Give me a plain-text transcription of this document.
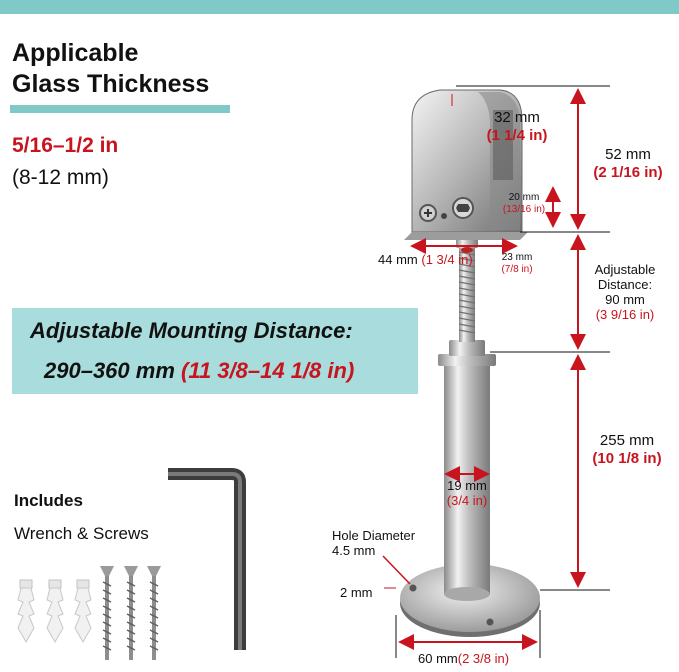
Applicable
Glass Thickness
5/16–1/2 in
(8-12 mm)
Adjustable Mounting Distance:
290–360 mm (11 3/8–14 1/8 in)
Includes
Wrench & Screws
32 mm
(1 1/4 in)
52 mm
(2 1/16 in)
20 mm
(13/16 in)
44 mm (1 3/4 in)	23 mm
(7/8 in)	Adjustable
Distance:
90 mm
(3 9/16 in)
255 mm
(10 1/8 in)
19 mm
(3/4 in)
Hole Diameter
4.5 mm
2 mm
60 mm(2 3/8 in)
